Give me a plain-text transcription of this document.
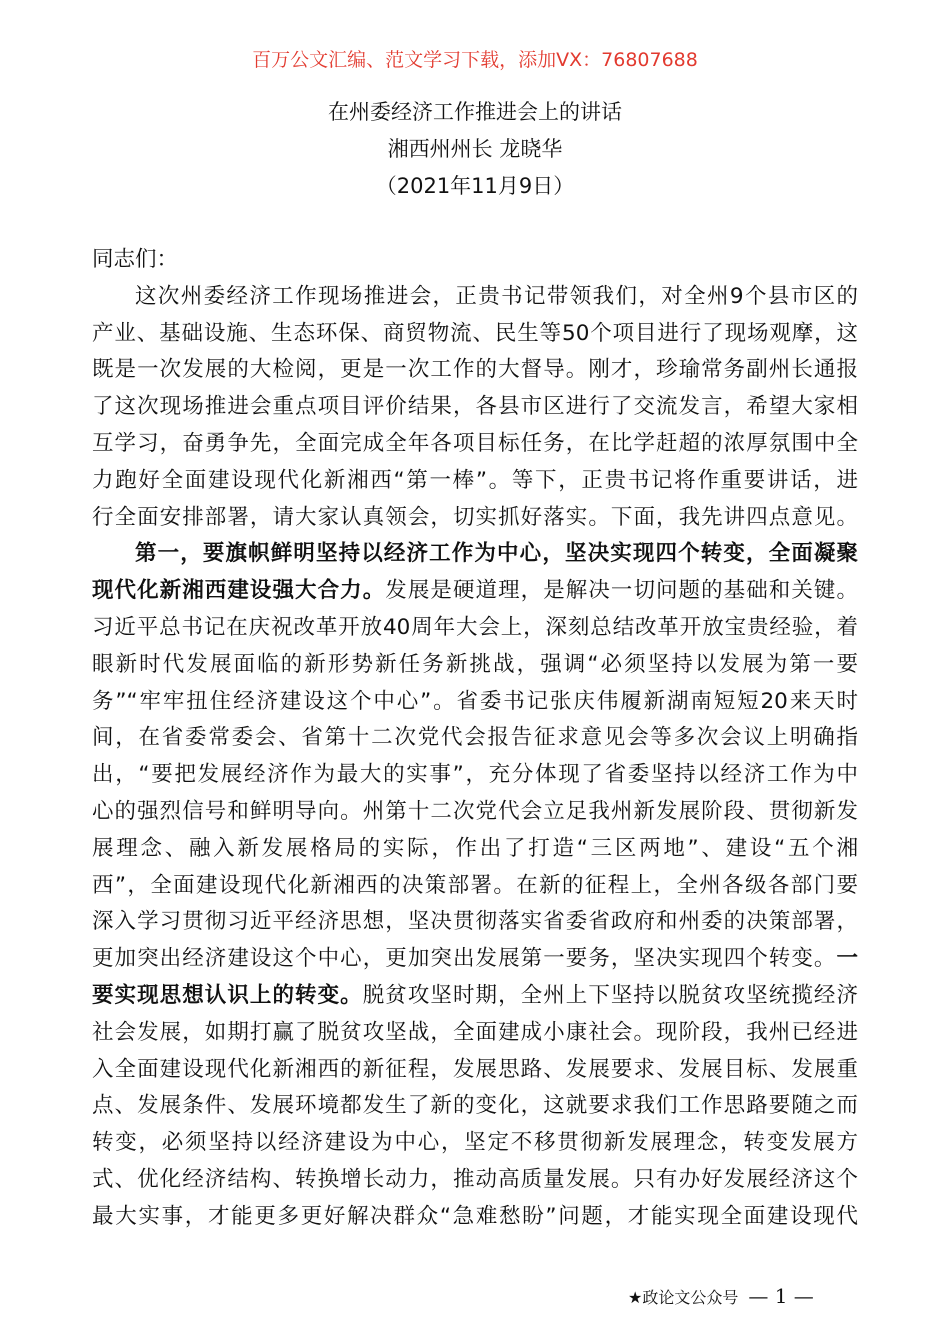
百万公文汇编、范文学习下载，添加VX：76807688
在州委经济工作推进会上的讲话
湘西州州长 龙晓华
（2021年11月9日）
同志们：
这次州委经济工作现场推进会，正贵书记带领我们，对全州9个县市区的
产业、基础设施、生态环保、商贸物流、民生等50个项目进行了现场观摩，这
既是一次发展的大检阅，更是一次工作的大督导。刚才，珍瑜常务副州长通报
了这次现场推进会重点项目评价结果，各县市区进行了交流发言，希望大家相
互学习，奋勇争先，全面完成全年各项目标任务，在比学赶超的浓厚氛围中全
力跑好全面建设现代化新湘西“第一棒”。等下，正贵书记将作重要讲话，进
行全面安排部署，请大家认真领会，切实抓好落实。下面，我先讲四点意见。
第一，要旗帜鲜明坚持以经济工作为中心，坚决实现四个转变，全面凝聚
现代化新湘西建设强大合力。发展是硬道理，是解决一切问题的基础和关键。
习近平总书记在庆祝改革开放40周年大会上，深刻总结改革开放宝贵经验，着
眼新时代发展面临的新形势新任务新挑战，强调“必须坚持以发展为第一要
务”“牢牢扭住经济建设这个中心”。省委书记张庆伟履新湖南短短20来天时
间，在省委常委会、省第十二次党代会报告征求意见会等多次会议上明确指
出，“要把发展经济作为最大的实事”，充分体现了省委坚持以经济工作为中
心的强烈信号和鲜明导向。州第十二次党代会立足我州新发展阶段、贯彻新发
展理念、融入新发展格局的实际，作出了打造“三区两地”、建设“五个湘
西”，全面建设现代化新湘西的决策部署。在新的征程上，全州各级各部门要
深入学习贯彻习近平经济思想，坚决贯彻落实省委省政府和州委的决策部署，
更加突出经济建设这个中心，更加突出发展第一要务，坚决实现四个转变。一
要实现思想认识上的转变。脱贫攻坚时期，全州上下坚持以脱贫攻坚统揽经济
社会发展，如期打赢了脱贫攻坚战，全面建成小康社会。现阶段，我州已经进
入全面建设现代化新湘西的新征程，发展思路、发展要求、发展目标、发展重
点、发展条件、发展环境都发生了新的变化，这就要求我们工作思路要随之而
转变，必须坚持以经济建设为中心，坚定不移贯彻新发展理念，转变发展方
式、优化经济结构、转换增长动力，推动高质量发展。只有办好发展经济这个
最大实事，才能更多更好解决群众“急难愁盼”问题，才能实现全面建设现代
★政论文公众号 — 1 —
